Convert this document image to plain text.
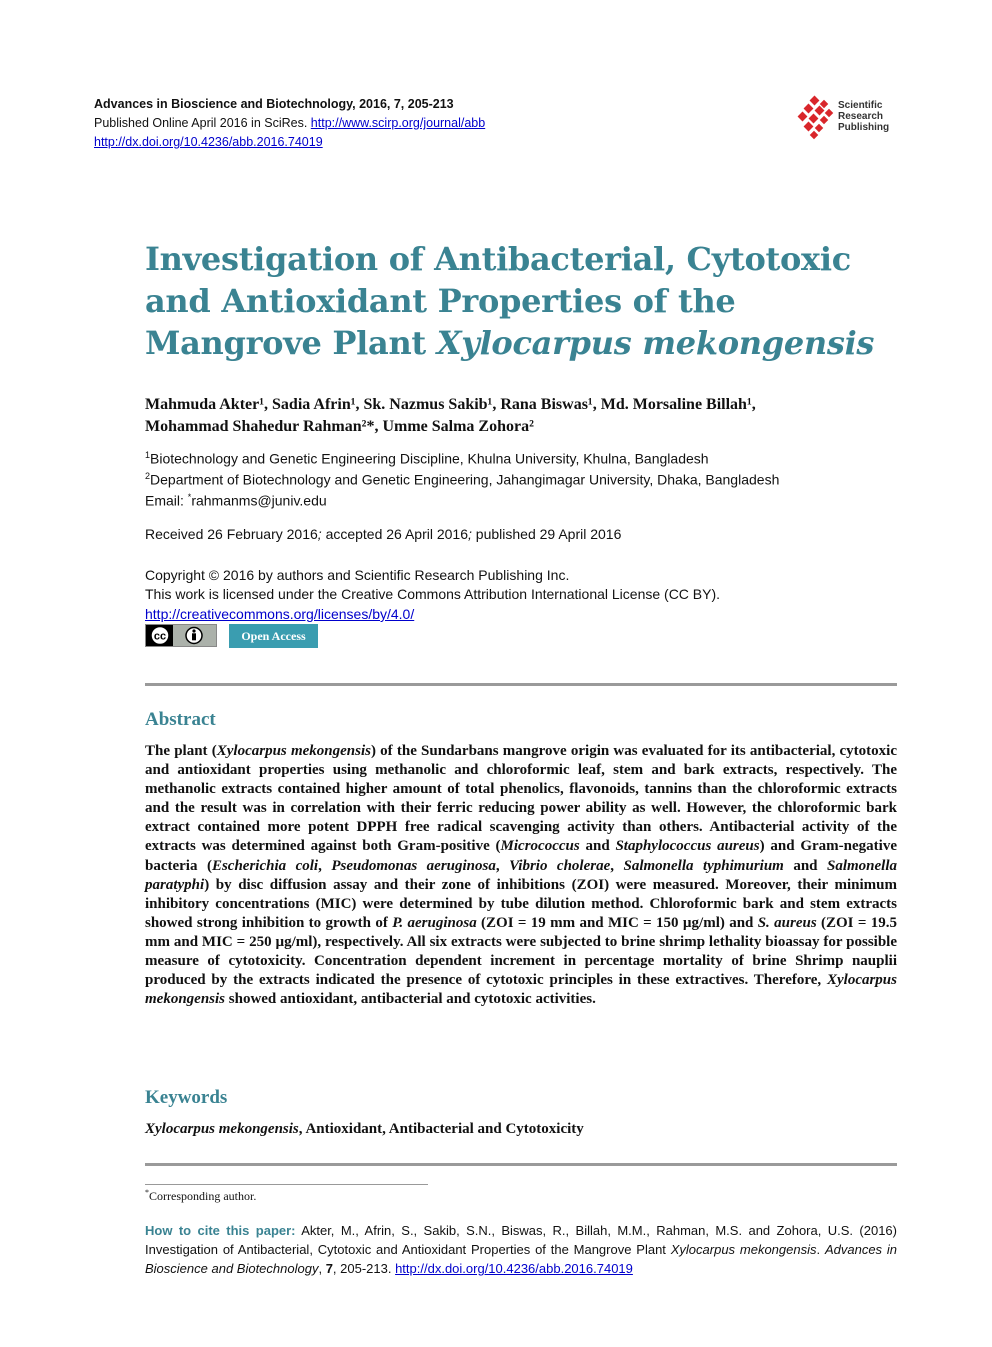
Advances in Bioscience and Biotechnology, 2016, 7, 205-213
Published Online April 2016 in SciRes. http://www.scirp.org/journal/abb
http://dx.doi.org/10.4236/abb.2016.74019
Scientific
Research
Publishing
Investigation of Antibacterial, Cytotoxic
and Antioxidant Properties of the
Mangrove Plant Xylocarpus mekongensis
Mahmuda Akter¹, Sadia Afrin¹, Sk. Nazmus Sakib¹, Rana Biswas¹, Md. Morsaline Billah¹,
Mohammad Shahedur Rahman²*, Umme Salma Zohora²
$^1$Biotechnology and Genetic Engineering Discipline, Khulna University, Khulna, Bangladesh
$^2$Department of Biotechnology and Genetic Engineering, Jahangimagar University, Dhaka, Bangladesh
Email: *rahmanms@juniv.edu
Received 26 February 2016; accepted 26 April 2016; published 29 April 2016
Copyright © 2016 by authors and Scientific Research Publishing Inc.
This work is licensed under the Creative Commons Attribution International License (CC BY).
http://creativecommons.org/licenses/by/4.0/
cc	Open Access
Abstract
The plant (Xylocarpus mekongensis) of the Sundarbans mangrove origin was evaluated for its antibacterial, cytotoxic and antioxidant properties using methanolic and chloroformic leaf, stem and bark extracts, respectively. The methanolic extracts contained higher amount of total phenolics, flavonoids, tannins than the chloroformic extracts and the result was in correlation with their ferric reducing power ability as well. However, the chloroformic bark extract contained more potent DPPH free radical scavenging activity than others. Antibacterial activity of the extracts was determined against both Gram-positive (Micrococcus and Staphylococcus aureus) and Gram-negative bacteria (Escherichia coli, Pseudomonas aeruginosa, Vibrio cholerae, Salmonella typhimurium and Salmonella paratyphi) by disc diffusion assay and their zone of inhibitions (ZOI) were measured. Moreover, their minimum inhibitory concentrations (MIC) were determined by tube dilution method. Chloroformic bark and stem extracts showed strong inhibition to growth of P. aeruginosa (ZOI = 19 mm and MIC = 150 µg/ml) and S. aureus (ZOI = 19.5 mm and MIC = 250 µg/ml), respectively. All six extracts were subjected to brine shrimp lethality bioassay for possible measure of cytotoxicity. Concentration dependent increment in percentage mortality of brine Shrimp nauplii produced by the extracts indicated the presence of cytotoxic principles in these extractives. Therefore, Xylocarpus mekongensis showed antioxidant, antibacterial and cytotoxic activities.
Keywords
Xylocarpus mekongensis, Antioxidant, Antibacterial and Cytotoxicity
*Corresponding author.
How to cite this paper: Akter, M., Afrin, S., Sakib, S.N., Biswas, R., Billah, M.M., Rahman, M.S. and Zohora, U.S. (2016) Investigation of Antibacterial, Cytotoxic and Antioxidant Properties of the Mangrove Plant Xylocarpus mekongensis. Advances in Bioscience and Biotechnology, 7, 205-213. http://dx.doi.org/10.4236/abb.2016.74019
